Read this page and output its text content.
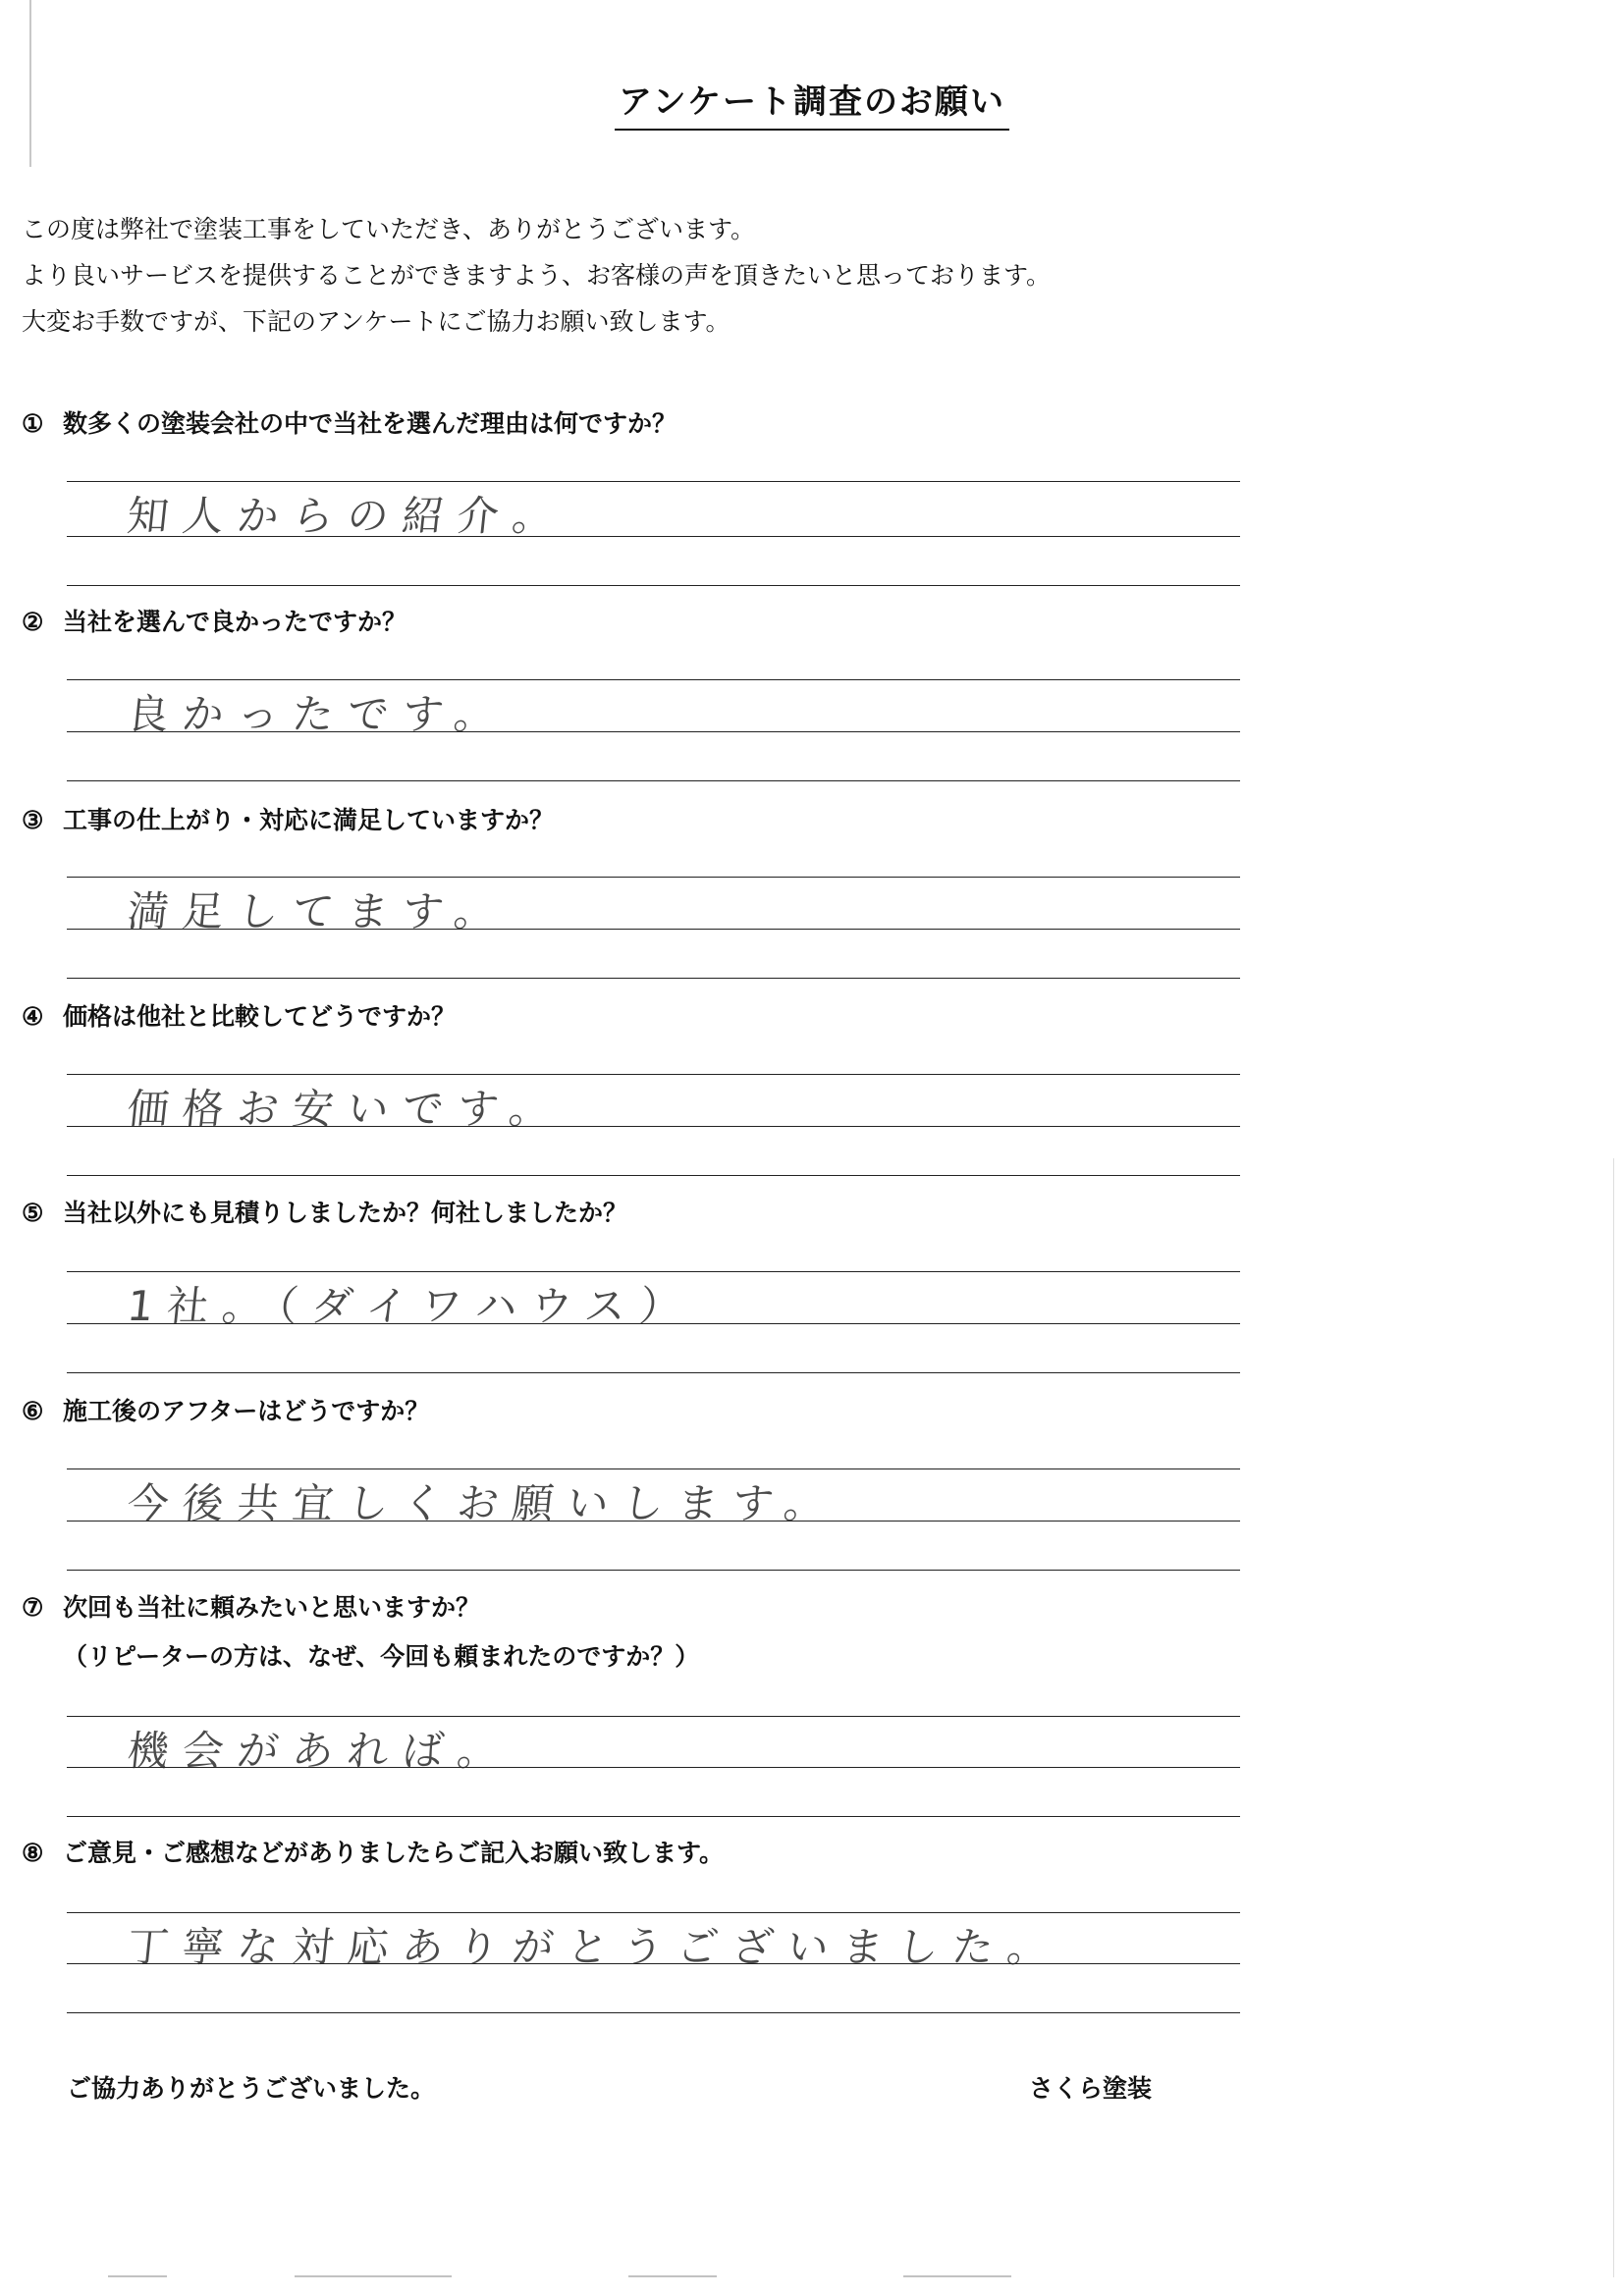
アンケート調査のお願い
この度は弊社で塗装工事をしていただき、ありがとうございます。
より良いサービスを提供することができますよう、お客様の声を頂きたいと思っております。
大変お手数ですが、下記のアンケートにご協力お願い致します。
① 数多くの塗装会社の中で当社を選んだ理由は何ですか？
知人からの紹介。
② 当社を選んで良かったですか？
良かったです。
③ 工事の仕上がり・対応に満足していますか？
満足してます。
④ 価格は他社と比較してどうですか？
価格お安いです。
⑤ 当社以外にも見積りしましたか？何社しましたか？
1社。（ダイワハウス）
⑥ 施工後のアフターはどうですか？
今後共宜しくお願いします。
⑦ 次回も当社に頼みたいと思いますか？
（リピーターの方は、なぜ、今回も頼まれたのですか？）
機会があれば。
⑧ ご意見・ご感想などがありましたらご記入お願い致します。
丁寧な対応ありがとうございました。
ご協力ありがとうございました。	さくら塗装
